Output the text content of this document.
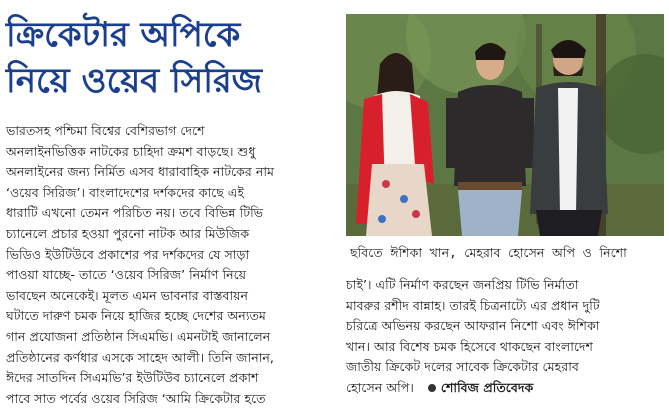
ক্রিকেটার অপিকে
নিয়ে ওয়েব সিরিজ
ভারতসহ পশ্চিমা বিশ্বের বেশিরভাগ দেশে
অনলাইনভিত্তিক নাটকের চাহিদা ক্রমশ বাড়ছে। শুধু
অনলাইনের জন্য নির্মিত এসব ধারাবাহিক নাটকের নাম
‘ওয়েব সিরিজ’। বাংলাদেশের দর্শকদের কাছে এই
ধারাটি এখনো তেমন পরিচিত নয়। তবে বিভিন্ন টিভি
চ্যানেলে প্রচার হওয়া পুরনো নাটক আর মিউজিক
ভিডিও ইউটিউবে প্রকাশের পর দর্শকদের যে সাড়া
পাওয়া যাচ্ছে- তাতে ‘ওয়েব সিরিজ’ নির্মাণ নিয়ে
ভাবছেন অনেকেই। মূলত এমন ভাবনার বাস্তবায়ন
ঘটাতে দারুণ চমক নিয়ে হাজির হচ্ছে দেশের অন্যতম
গান প্রযোজনা প্রতিষ্ঠান সিএমভি। এমনটাই জানালেন
প্রতিষ্ঠানের কর্ণধার এসকে সাহেদ আলী। তিনি জানান,
ঈদের সাতদিন সিএমভি’র ইউটিউব চ্যানেলে প্রকাশ
পাবে সাত পর্বের ওয়েব সিরিজ ‘আমি ক্রিকেটার হতে
ছবিতে ঈশিকা খান, মেহরাব হোসেন অপি ও নিশো
চাই’। এটি নির্মাণ করছেন জনপ্রিয় টিভি নির্মাতা
মাবরুর রশীদ বান্নাহ। তারই চিত্রনাট্যে এর প্রধান দুটি
চরিত্রে অভিনয় করছেন আফরান নিশো এবং ঈশিকা
খান। আর বিশেষ চমক হিসেবে থাকছেন বাংলাদেশ
জাতীয় ক্রিকেট দলের সাবেক ক্রিকেটার মেহরাব
হোসেন অপি। শোবিজ প্রতিবেদক
